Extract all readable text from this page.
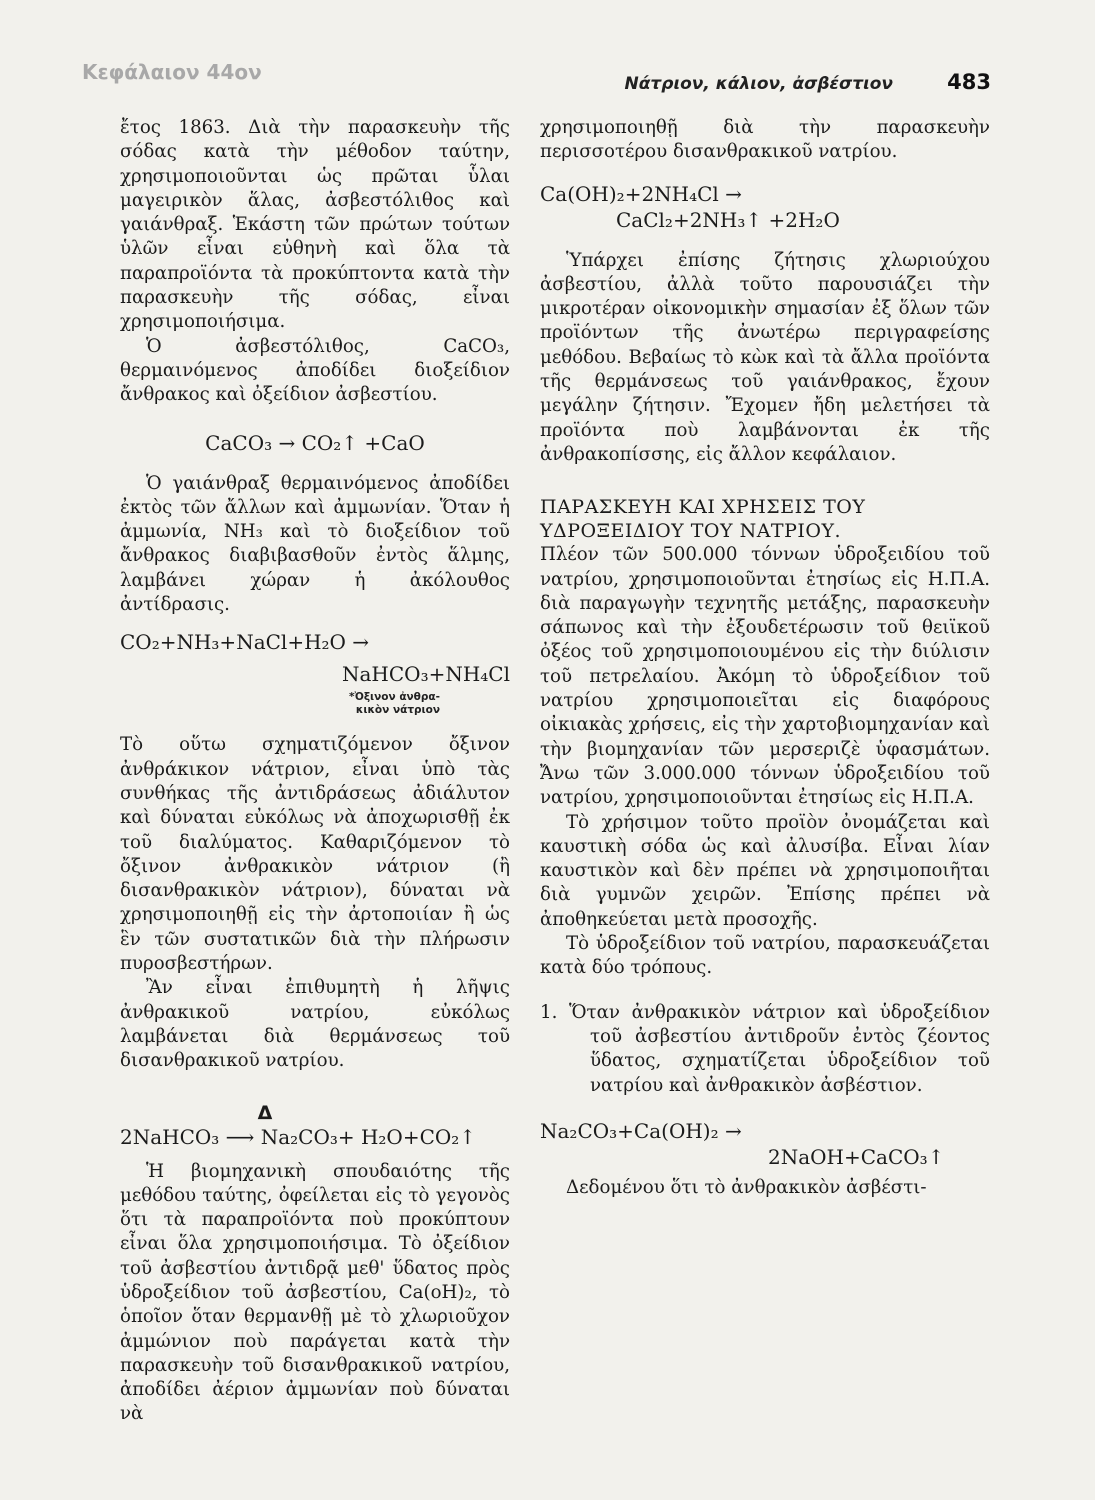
Κεφάλαιον 44ον	Νάτριον, κάλιον, ἀσβέστιον	483

ἔτος 1863. Διὰ τὴν παρασκευὴν τῆς σόδας κατὰ τὴν μέθοδον ταύτην, χρησιμοποιοῦνται ὡς πρῶται ὗλαι μαγειρικὸν ἅλας, ἀσβεστόλιθος καὶ γαιάνθραξ. Ἑκάστη τῶν πρώτων τούτων ὑλῶν εἶναι εὐθηνὴ καὶ ὅλα τὰ παραπροϊόντα τὰ προκύπτοντα κατὰ τὴν παρασκευὴν τῆς σόδας, εἶναι χρησιμοποιήσιμα.

Ὁ ἀσβεστόλιθος, CaCO₃, θερμαινόμενος ἀποδίδει διοξείδιον ἄνθρακος καὶ ὀξείδιον ἀσβεστίου.

CaCO₃ → CO₂↑ +CaO

Ὁ γαιάνθραξ θερμαινόμενος ἀποδίδει ἐκτὸς τῶν ἄλλων καὶ ἀμμωνίαν. Ὅταν ἡ ἀμμωνία, NH₃ καὶ τὸ διοξείδιον τοῦ ἄνθρακος διαβιβασθοῦν ἐντὸς ἅλμης, λαμβάνει χώραν ἡ ἀκόλουθος ἀντίδρασις.

CO₂+NH₃+NaCl+H₂O →
NaHCO₃+NH₄Cl
*Ὀξινον ἀνθρα-
κικὸν νάτριον

Τὸ οὕτω σχηματιζόμενον ὄξινον ἀνθράκικον νάτριον, εἶναι ὑπὸ τὰς συνθήκας τῆς ἀντιδράσεως ἀδιάλυτον καὶ δύναται εὐκόλως νὰ ἀποχωρισθῇ ἐκ τοῦ διαλύματος. Καθαριζόμενον τὸ ὄξινον ἀνθρακικὸν νάτριον (ἢ δισανθρακικὸν νάτριον), δύναται νὰ χρησιμοποιηθῇ εἰς τὴν ἀρτοποιίαν ἢ ὡς ἓν τῶν συστατικῶν διὰ τὴν πλήρωσιν πυροσβεστήρων.

Ἂν εἶναι ἐπιθυμητὴ ἡ λῆψις ἀνθρακικοῦ νατρίου, εὐκόλως λαμβάνεται διὰ θερμάνσεως τοῦ δισανθρακικοῦ νατρίου.

Δ
2NaHCO₃ ⟶ Na₂CO₃+ H₂O+CO₂↑

Ἡ βιομηχανικὴ σπουδαιότης τῆς μεθόδου ταύτης, ὀφείλεται εἰς τὸ γεγονὸς ὅτι τὰ παραπροϊόντα ποὺ προκύπτουν εἶναι ὅλα χρησιμοποιήσιμα. Τὸ ὀξείδιον τοῦ ἀσβεστίου ἀντιδρᾷ μεθ' ὕδατος πρὸς ὑδροξείδιον τοῦ ἀσβεστίου, Ca(oH)₂, τὸ ὁποῖον ὅταν θερμανθῇ μὲ τὸ χλωριοῦχον ἀμμώνιον ποὺ παράγεται κατὰ τὴν παρασκευὴν τοῦ δισανθρακικοῦ νατρίου, ἀποδίδει ἀέριον ἀμμωνίαν ποὺ δύναται νὰ

χρησιμοποιηθῇ διὰ τὴν παρασκευὴν περισσοτέρου δισανθρακικοῦ νατρίου.

Ca(OH)₂+2NH₄Cl →
CaCl₂+2NH₃↑ +2H₂O

Ὑπάρχει ἐπίσης ζήτησις χλωριούχου ἀσβεστίου, ἀλλὰ τοῦτο παρουσιάζει τὴν μικροτέραν οἰκονομικὴν σημασίαν ἐξ ὅλων τῶν προϊόντων τῆς ἀνωτέρω περιγραφείσης μεθόδου. Βεβαίως τὸ κὼκ καὶ τὰ ἄλλα προϊόντα τῆς θερμάνσεως τοῦ γαιάνθρακος, ἔχουν μεγάλην ζήτησιν. Ἔχομεν ἤδη μελετήσει τὰ προϊόντα ποὺ λαμβάνονται ἐκ τῆς ἀνθρακοπίσσης, εἰς ἄλλον κεφάλαιον.

ΠΑΡΑΣΚΕΥΗ ΚΑΙ ΧΡΗΣΕΙΣ ΤΟΥ
ΥΔΡΟΞΕΙΔΙΟΥ ΤΟΥ ΝΑΤΡΙΟΥ.

Πλέον τῶν 500.000 τόννων ὑδροξειδίου τοῦ νατρίου, χρησιμοποιοῦνται ἐτησίως εἰς Η.Π.Α. διὰ παραγωγὴν τεχνητῆς μετάξης, παρασκευὴν σάπωνος καὶ τὴν ἐξουδετέρωσιν τοῦ θειϊκοῦ ὀξέος τοῦ χρησιμοποιουμένου εἰς τὴν διύλισιν τοῦ πετρελαίου. Ἀκόμη τὸ ὑδροξείδιον τοῦ νατρίου χρησιμοποιεῖται εἰς διαφόρους οἰκιακὰς χρήσεις, εἰς τὴν χαρτοβιομηχανίαν καὶ τὴν βιομηχανίαν τῶν μερσεριζὲ ὑφασμάτων. Ἄνω τῶν 3.000.000 τόννων ὑδροξειδίου τοῦ νατρίου, χρησιμοποιοῦνται ἐτησίως εἰς Η.Π.Α.

Τὸ χρήσιμον τοῦτο προϊὸν ὀνομάζεται καὶ καυστικὴ σόδα ὡς καὶ ἀλυσίβα. Εἶναι λίαν καυστικὸν καὶ δὲν πρέπει νὰ χρησιμοποιῆται διὰ γυμνῶν χειρῶν. Ἐπίσης πρέπει νὰ ἀποθηκεύεται μετὰ προσοχῆς.

Τὸ ὑδροξείδιον τοῦ νατρίου, παρασκευάζεται κατὰ δύο τρόπους.

1. Ὅταν ἀνθρακικὸν νάτριον καὶ ὑδροξείδιον τοῦ ἀσβεστίου ἀντιδροῦν ἐντὸς ζέοντος ὕδατος, σχηματίζεται ὑδροξείδιον τοῦ νατρίου καὶ ἀνθρακικὸν ἀσβέστιον.

Na₂CO₃+Ca(OH)₂ →
2NaOH+CaCO₃↑

Δεδομένου ὅτι τὸ ἀνθρακικὸν ἀσβέστι-
